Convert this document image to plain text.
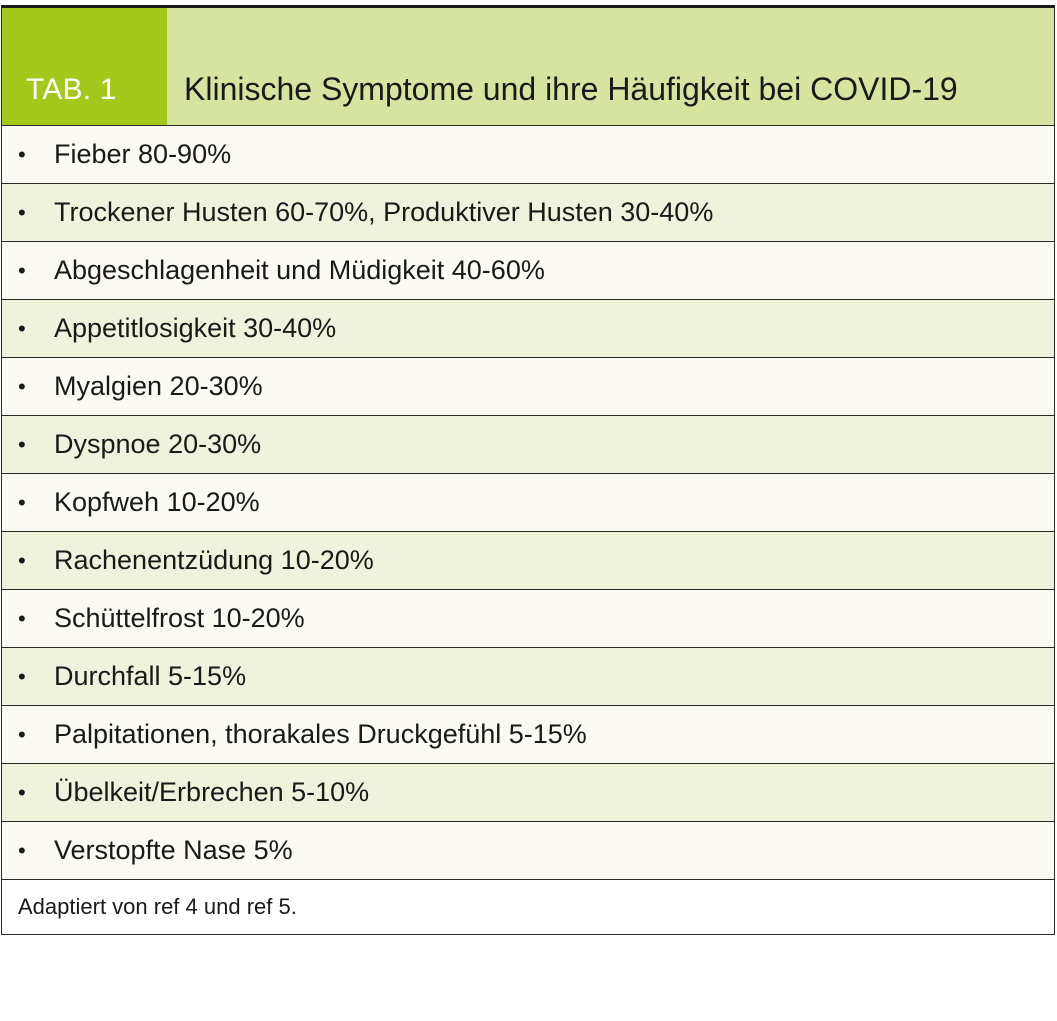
TAB. 1	Klinische Symptome und ihre Häufigkeit bei COVID-19
•	Fieber 80-90%
•	Trockener Husten 60-70%, Produktiver Husten 30-40%
•	Abgeschlagenheit und Müdigkeit 40-60%
•	Appetitlosigkeit 30-40%
•	Myalgien 20-30%
•	Dyspnoe 20-30%
•	Kopfweh 10-20%
•	Rachenentzüdung 10-20%
•	Schüttelfrost 10-20%
•	Durchfall 5-15%
•	Palpitationen, thorakales Druckgefühl 5-15%
•	Übelkeit/Erbrechen 5-10%
•	Verstopfte Nase 5%
Adaptiert von ref 4 und ref 5.
